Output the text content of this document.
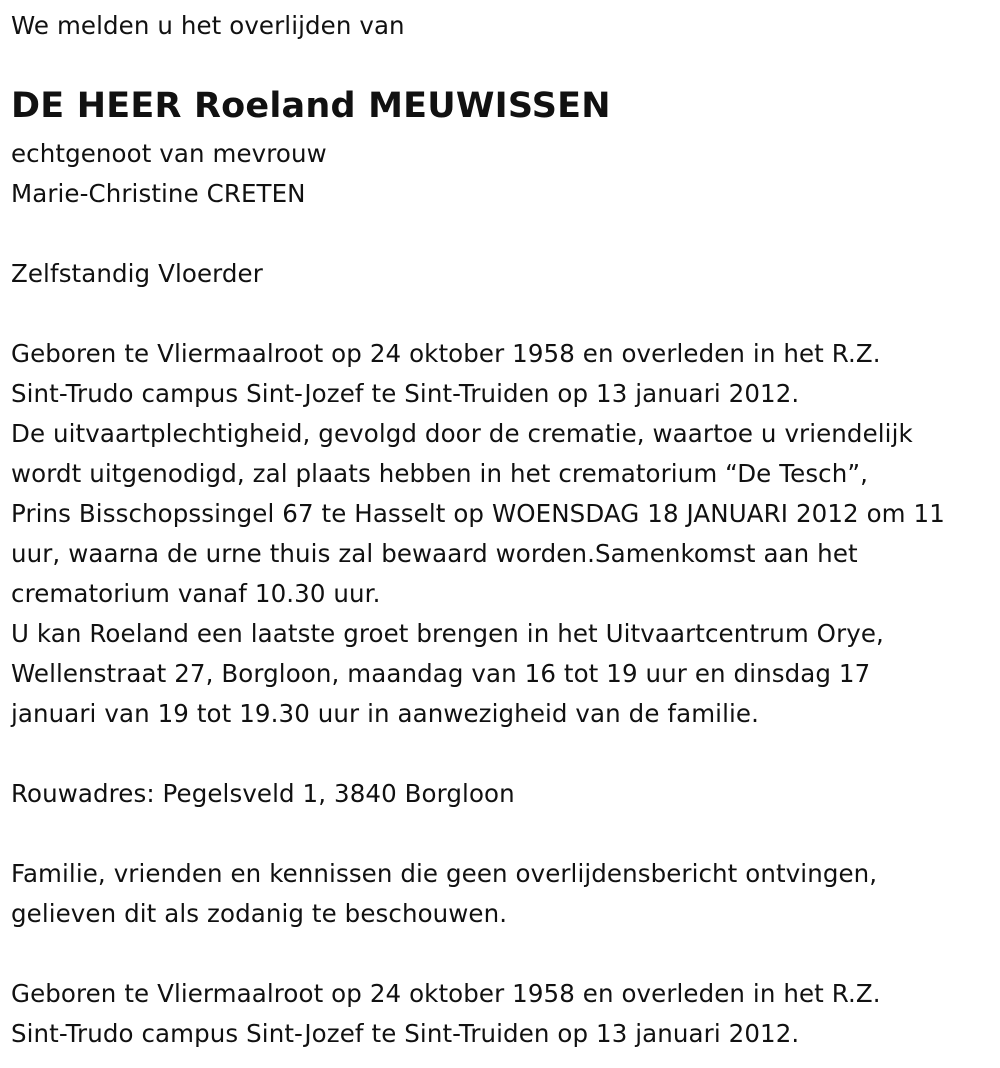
We melden u het overlijden van
DE HEER Roeland MEUWISSEN
echtgenoot van mevrouw
Marie-Christine CRETEN
Zelfstandig Vloerder
Geboren te Vliermaalroot op 24 oktober 1958 en overleden in het R.Z.
Sint-Trudo campus Sint-Jozef te Sint-Truiden op 13 januari 2012.
De uitvaartplechtigheid, gevolgd door de crematie, waartoe u vriendelijk
wordt uitgenodigd, zal plaats hebben in het crematorium “De Tesch”,
Prins Bisschopssingel 67 te Hasselt op WOENSDAG 18 JANUARI 2012 om 11
uur, waarna de urne thuis zal bewaard worden.Samenkomst aan het
crematorium vanaf 10.30 uur.
U kan Roeland een laatste groet brengen in het Uitvaartcentrum Orye,
Wellenstraat 27, Borgloon, maandag van 16 tot 19 uur en dinsdag 17
januari van 19 tot 19.30 uur in aanwezigheid van de familie.
Rouwadres: Pegelsveld 1, 3840 Borgloon
Familie, vrienden en kennissen die geen overlijdensbericht ontvingen,
gelieven dit als zodanig te beschouwen.
Geboren te Vliermaalroot op 24 oktober 1958 en overleden in het R.Z.
Sint-Trudo campus Sint-Jozef te Sint-Truiden op 13 januari 2012.
